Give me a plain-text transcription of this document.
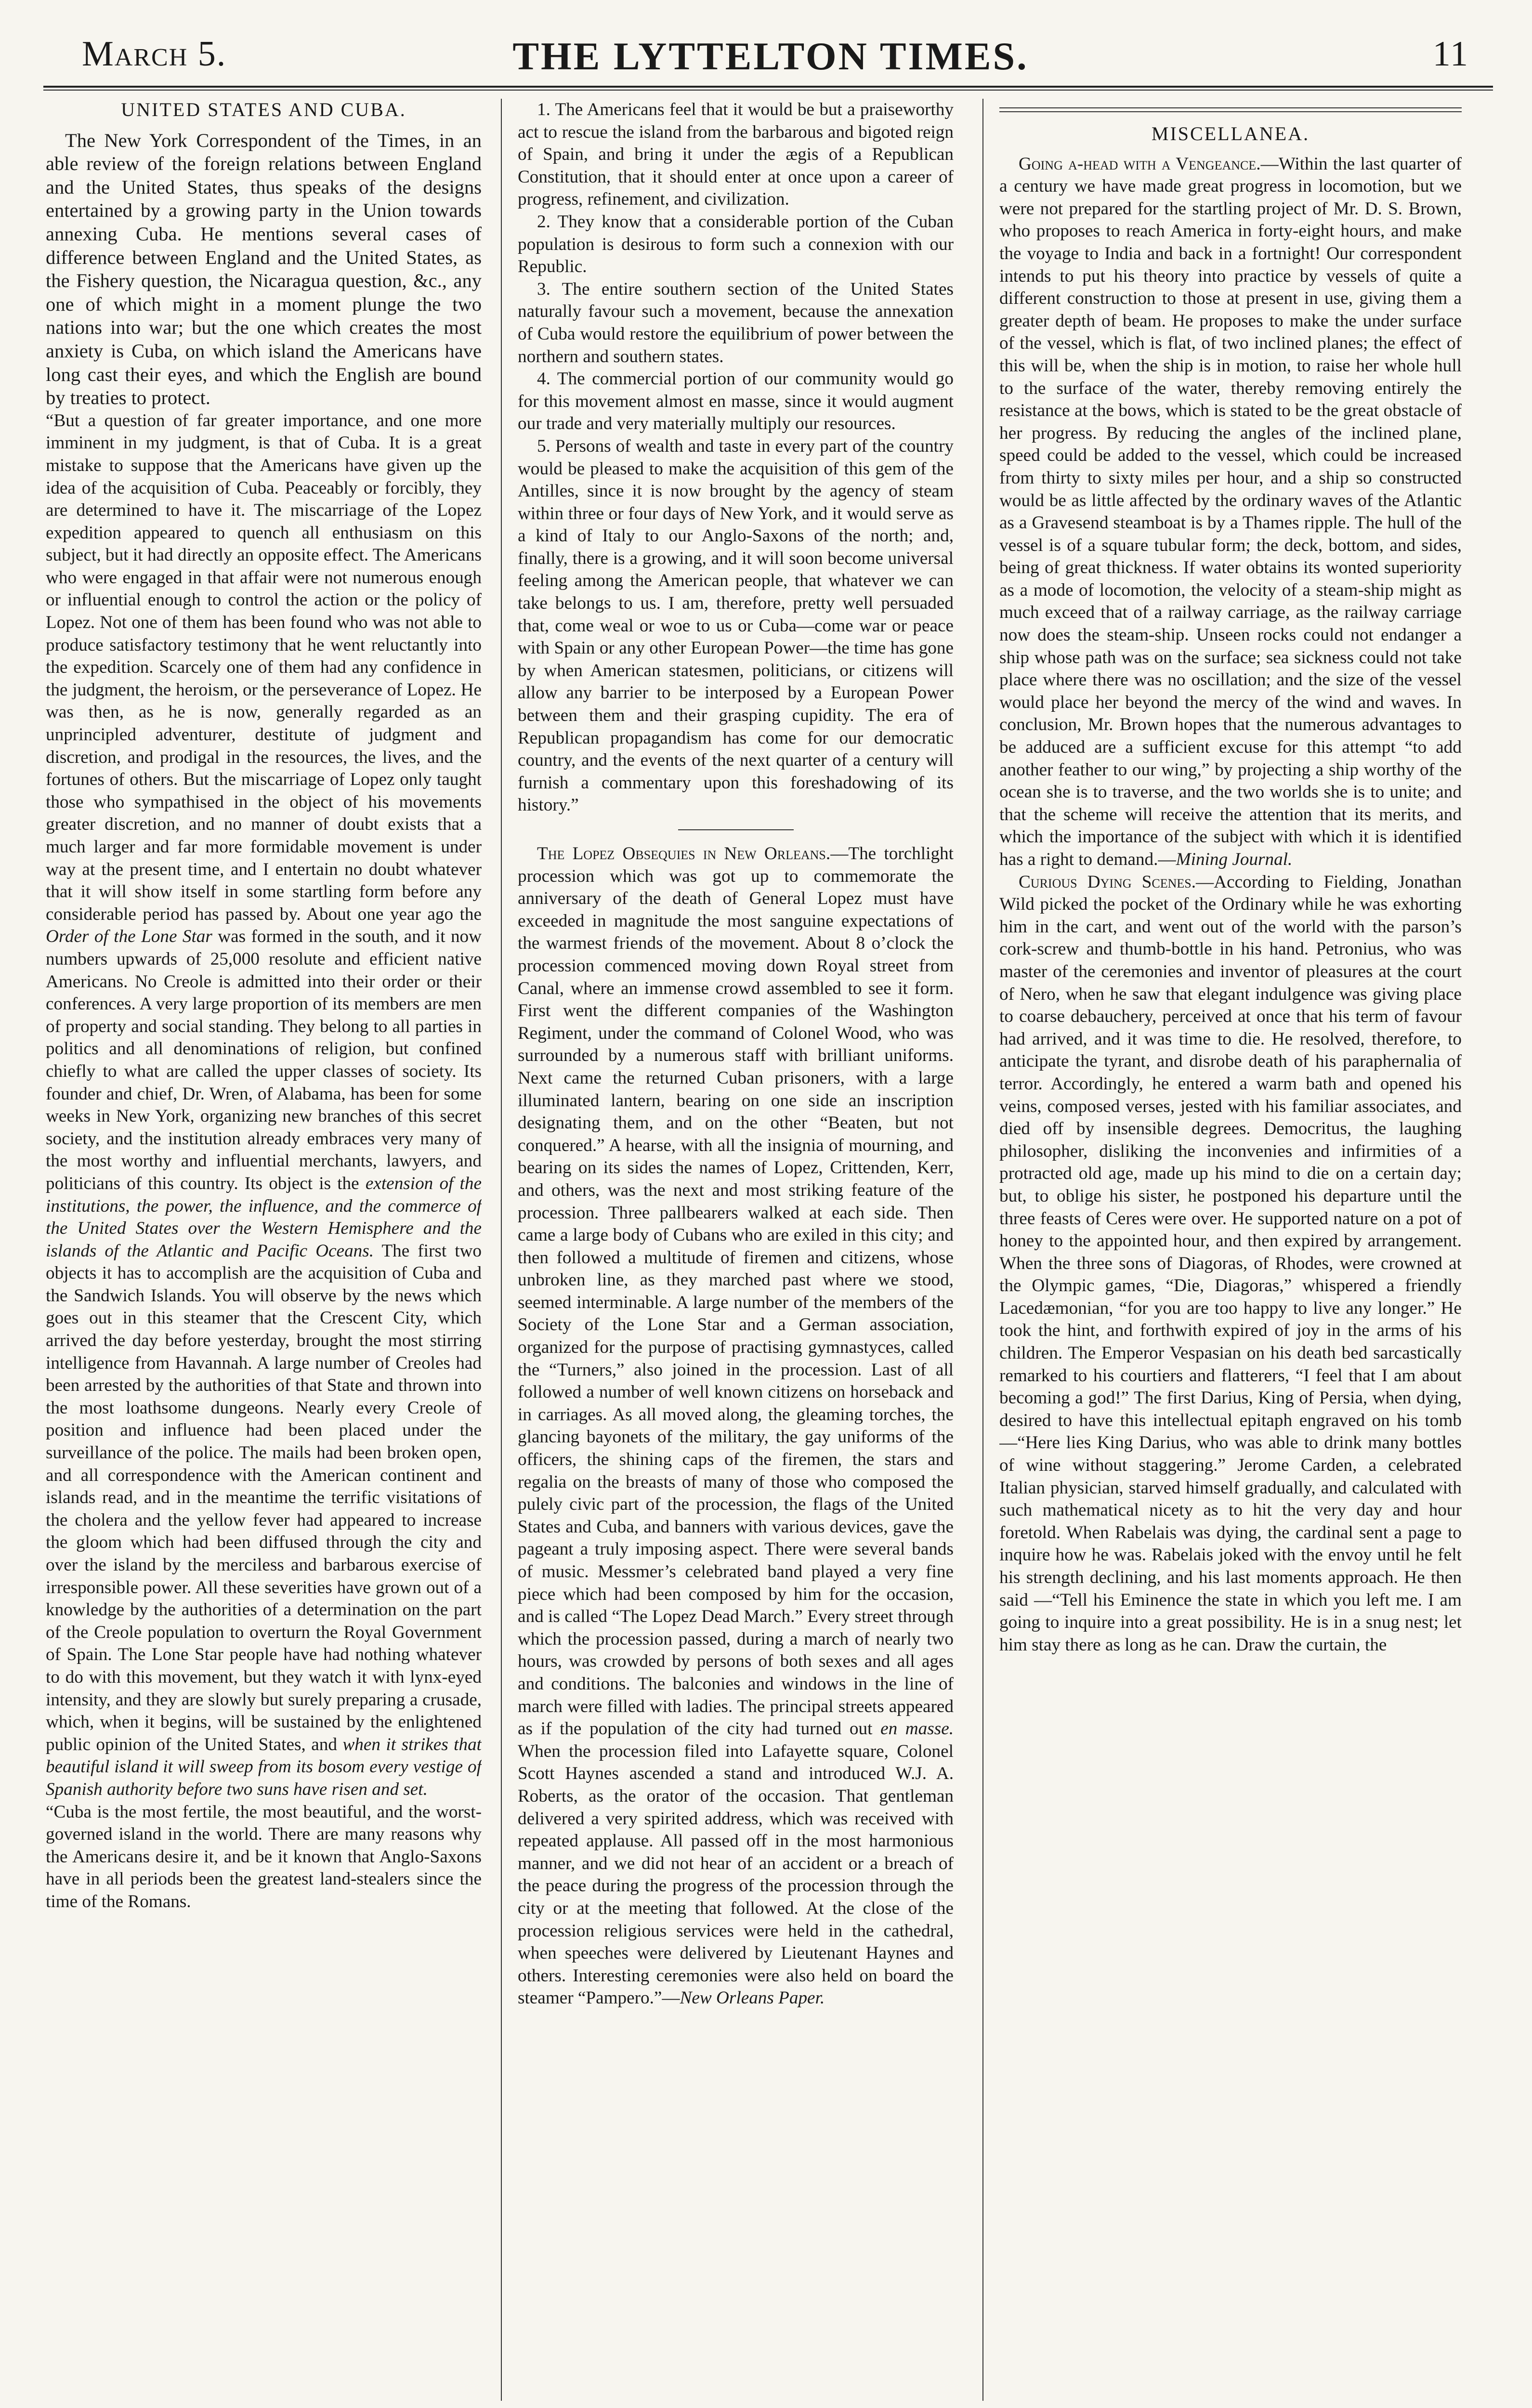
March 5.	THE LYTTELTON TIMES.	11
UNITED STATES AND CUBA.

The New York Correspondent of the Times, in an able review of the foreign relations between England and the United States, thus speaks of the designs entertained by a growing party in the Union towards annexing Cuba. He mentions several cases of difference between England and the United States, as the Fishery question, the Nicaragua question, &c., any one of which might in a moment plunge the two nations into war; but the one which creates the most anxiety is Cuba, on which island the Americans have long cast their eyes, and which the English are bound by treaties to protect.

“But a question of far greater importance, and one more imminent in my judgment, is that of Cuba. It is a great mistake to suppose that the Americans have given up the idea of the acquisition of Cuba. Peaceably or forcibly, they are determined to have it. The miscarriage of the Lopez expedition appeared to quench all enthusiasm on this subject, but it had directly an opposite effect. The Americans who were engaged in that affair were not numerous enough or influential enough to control the action or the policy of Lopez. Not one of them has been found who was not able to produce satisfactory testimony that he went reluctantly into the expedition. Scarcely one of them had any confidence in the judgment, the heroism, or the perseverance of Lopez. He was then, as he is now, generally regarded as an unprincipled adventurer, destitute of judgment and discretion, and prodigal in the resources, the lives, and the fortunes of others. But the miscarriage of Lopez only taught those who sympathised in the object of his movements greater discretion, and no manner of doubt exists that a much larger and far more formidable movement is under way at the present time, and I entertain no doubt whatever that it will show itself in some startling form before any considerable period has passed by. About one year ago the Order of the Lone Star was formed in the south, and it now numbers upwards of 25,000 resolute and efficient native Americans. No Creole is admitted into their order or their conferences. A very large proportion of its members are men of property and social standing. They belong to all parties in politics and all denominations of religion, but confined chiefly to what are called the upper classes of society. Its founder and chief, Dr. Wren, of Alabama, has been for some weeks in New York, organizing new branches of this secret society, and the institution already embraces very many of the most worthy and influential merchants, lawyers, and politicians of this country. Its object is the extension of the institutions, the power, the influence, and the commerce of the United States over the Western Hemisphere and the islands of the Atlantic and Pacific Oceans. The first two objects it has to accomplish are the acquisition of Cuba and the Sandwich Islands. You will observe by the news which goes out in this steamer that the Crescent City, which arrived the day before yesterday, brought the most stirring intelligence from Havannah. A large number of Creoles had been arrested by the authorities of that State and thrown into the most loathsome dungeons. Nearly every Creole of position and influence had been placed under the surveillance of the police. The mails had been broken open, and all correspondence with the American continent and islands read, and in the meantime the terrific visitations of the cholera and the yellow fever had appeared to increase the gloom which had been diffused through the city and over the island by the merciless and barbarous exercise of irresponsible power. All these severities have grown out of a knowledge by the authorities of a determination on the part of the Creole population to overturn the Royal Government of Spain. The Lone Star people have had nothing whatever to do with this movement, but they watch it with lynx-eyed intensity, and they are slowly but surely preparing a crusade, which, when it begins, will be sustained by the enlightened public opinion of the United States, and when it strikes that beautiful island it will sweep from its bosom every vestige of Spanish authority before two suns have risen and set.

“Cuba is the most fertile, the most beautiful, and the worst-governed island in the world. There are many reasons why the Americans desire it, and be it known that Anglo-Saxons have in all periods been the greatest land-stealers since the time of the Romans.

1. The Americans feel that it would be but a praiseworthy act to rescue the island from the barbarous and bigoted reign of Spain, and bring it under the ægis of a Republican Constitution, that it should enter at once upon a career of progress, refinement, and civilization.

2. They know that a considerable portion of the Cuban population is desirous to form such a connexion with our Republic.

3. The entire southern section of the United States naturally favour such a movement, because the annexation of Cuba would restore the equilibrium of power between the northern and southern states.

4. The commercial portion of our community would go for this movement almost en masse, since it would augment our trade and very materially multiply our resources.

5. Persons of wealth and taste in every part of the country would be pleased to make the acquisition of this gem of the Antilles, since it is now brought by the agency of steam within three or four days of New York, and it would serve as a kind of Italy to our Anglo-Saxons of the north; and, finally, there is a growing, and it will soon become universal feeling among the American people, that whatever we can take belongs to us. I am, therefore, pretty well persuaded that, come weal or woe to us or Cuba—come war or peace with Spain or any other European Power—the time has gone by when American statesmen, politicians, or citizens will allow any barrier to be interposed by a European Power between them and their grasping cupidity. The era of Republican propagandism has come for our democratic country, and the events of the next quarter of a century will furnish a commentary upon this foreshadowing of its history.”

The Lopez Obsequies in New Orleans.—The torchlight procession which was got up to commemorate the anniversary of the death of General Lopez must have exceeded in magnitude the most sanguine expectations of the warmest friends of the movement. About 8 o’clock the procession commenced moving down Royal street from Canal, where an immense crowd assembled to see it form. First went the different companies of the Washington Regiment, under the command of Colonel Wood, who was surrounded by a numerous staff with brilliant uniforms. Next came the returned Cuban prisoners, with a large illuminated lantern, bearing on one side an inscription designating them, and on the other “Beaten, but not conquered.” A hearse, with all the insignia of mourning, and bearing on its sides the names of Lopez, Crittenden, Kerr, and others, was the next and most striking feature of the procession. Three pallbearers walked at each side. Then came a large body of Cubans who are exiled in this city; and then followed a multitude of firemen and citizens, whose unbroken line, as they marched past where we stood, seemed interminable. A large number of the members of the Society of the Lone Star and a German association, organized for the purpose of practising gymnastyces, called the “Turners,” also joined in the procession. Last of all followed a number of well known citizens on horseback and in carriages. As all moved along, the gleaming torches, the glancing bayonets of the military, the gay uniforms of the officers, the shining caps of the firemen, the stars and regalia on the breasts of many of those who composed the pulely civic part of the procession, the flags of the United States and Cuba, and banners with various devices, gave the pageant a truly imposing aspect. There were several bands of music. Messmer’s celebrated band played a very fine piece which had been composed by him for the occasion, and is called “The Lopez Dead March.” Every street through which the procession passed, during a march of nearly two hours, was crowded by persons of both sexes and all ages and conditions. The balconies and windows in the line of march were filled with ladies. The principal streets appeared as if the population of the city had turned out en masse. When the procession filed into Lafayette square, Colonel Scott Haynes ascended a stand and introduced W.J. A. Roberts, as the orator of the occasion. That gentleman delivered a very spirited address, which was received with repeated applause. All passed off in the most harmonious manner, and we did not hear of an accident or a breach of the peace during the progress of the procession through the city or at the meeting that followed. At the close of the procession religious services were held in the cathedral, when speeches were delivered by Lieutenant Haynes and others. Interesting ceremonies were also held on board the steamer “Pampero.”—New Orleans Paper.

MISCELLANEA.

Going a-head with a Vengeance.—Within the last quarter of a century we have made great progress in locomotion, but we were not prepared for the startling project of Mr. D. S. Brown, who proposes to reach America in forty-eight hours, and make the voyage to India and back in a fortnight! Our correspondent intends to put his theory into practice by vessels of quite a different construction to those at present in use, giving them a greater depth of beam. He proposes to make the under surface of the vessel, which is flat, of two inclined planes; the effect of this will be, when the ship is in motion, to raise her whole hull to the surface of the water, thereby removing entirely the resistance at the bows, which is stated to be the great obstacle of her progress. By reducing the angles of the inclined plane, speed could be added to the vessel, which could be increased from thirty to sixty miles per hour, and a ship so constructed would be as little affected by the ordinary waves of the Atlantic as a Gravesend steamboat is by a Thames ripple. The hull of the vessel is of a square tubular form; the deck, bottom, and sides, being of great thickness. If water obtains its wonted superiority as a mode of locomotion, the velocity of a steam-ship might as much exceed that of a railway carriage, as the railway carriage now does the steam-ship. Unseen rocks could not endanger a ship whose path was on the surface; sea sickness could not take place where there was no oscillation; and the size of the vessel would place her beyond the mercy of the wind and waves. In conclusion, Mr. Brown hopes that the numerous advantages to be adduced are a sufficient excuse for this attempt “to add another feather to our wing,” by projecting a ship worthy of the ocean she is to traverse, and the two worlds she is to unite; and that the scheme will receive the attention that its merits, and which the importance of the subject with which it is identified has a right to demand.—Mining Journal.

Curious Dying Scenes.—According to Fielding, Jonathan Wild picked the pocket of the Ordinary while he was exhorting him in the cart, and went out of the world with the parson’s cork-screw and thumb-bottle in his hand. Petronius, who was master of the ceremonies and inventor of pleasures at the court of Nero, when he saw that elegant indulgence was giving place to coarse debauchery, perceived at once that his term of favour had arrived, and it was time to die. He resolved, therefore, to anticipate the tyrant, and disrobe death of his paraphernalia of terror. Accordingly, he entered a warm bath and opened his veins, composed verses, jested with his familiar associates, and died off by insensible degrees. Democritus, the laughing philosopher, disliking the inconvenies and infirmities of a protracted old age, made up his mind to die on a certain day; but, to oblige his sister, he postponed his departure until the three feasts of Ceres were over. He supported nature on a pot of honey to the appointed hour, and then expired by arrangement. When the three sons of Diagoras, of Rhodes, were crowned at the Olympic games, “Die, Diagoras,” whispered a friendly Lacedæmonian, “for you are too happy to live any longer.” He took the hint, and forthwith expired of joy in the arms of his children. The Emperor Vespasian on his death bed sarcastically remarked to his courtiers and flatterers, “I feel that I am about becoming a god!” The first Darius, King of Persia, when dying, desired to have this intellectual epitaph engraved on his tomb—“Here lies King Darius, who was able to drink many bottles of wine without staggering.” Jerome Carden, a celebrated Italian physician, starved himself gradually, and calculated with such mathematical nicety as to hit the very day and hour foretold. When Rabelais was dying, the cardinal sent a page to inquire how he was. Rabelais joked with the envoy until he felt his strength declining, and his last moments approach. He then said —“Tell his Eminence the state in which you left me. I am going to inquire into a great possibility. He is in a snug nest; let him stay there as long as he can. Draw the curtain, the
